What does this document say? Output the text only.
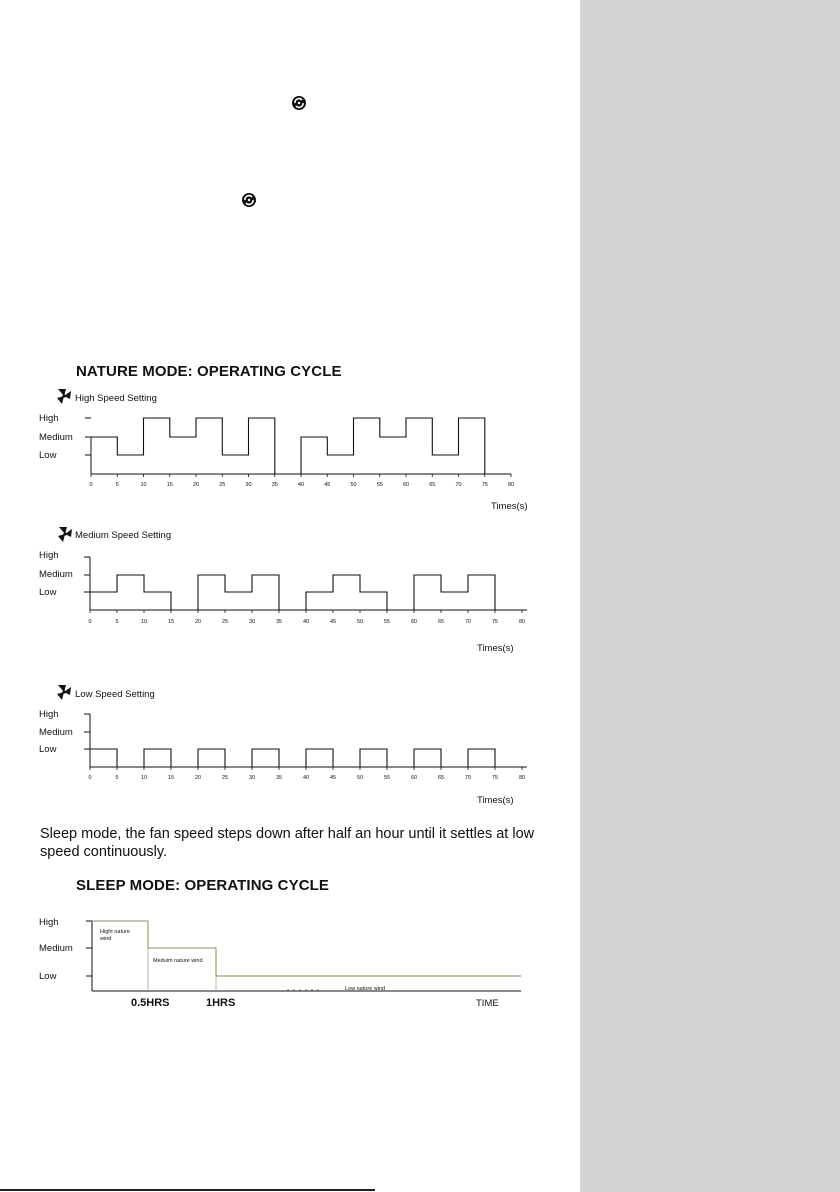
NATURE MODE: OPERATING CYCLE
High Speed Setting
High
Medium
Low
Times(s)
0	5	10	15	20	25	30	35	40	45	50	55	60	65	70	75	80
Medium Speed Setting
High
Medium
Low
Times(s)
0	5	10	15	20	25	30	35	40	45	50	55	60	65	70	75	80
Low Speed Setting
High
Medium
Low
Times(s)
0	5	10	15	20	25	30	35	40	45	50	55	60	65	70	75	80
High
Medium
Low
0.5HRS	1HRS	TIME
Meduim nature wind
Low nature wind
Hight nature wind
Sleep mode, the fan speed steps down after half an hour until it settles at low speed continuously.
SLEEP MODE: OPERATING CYCLE
